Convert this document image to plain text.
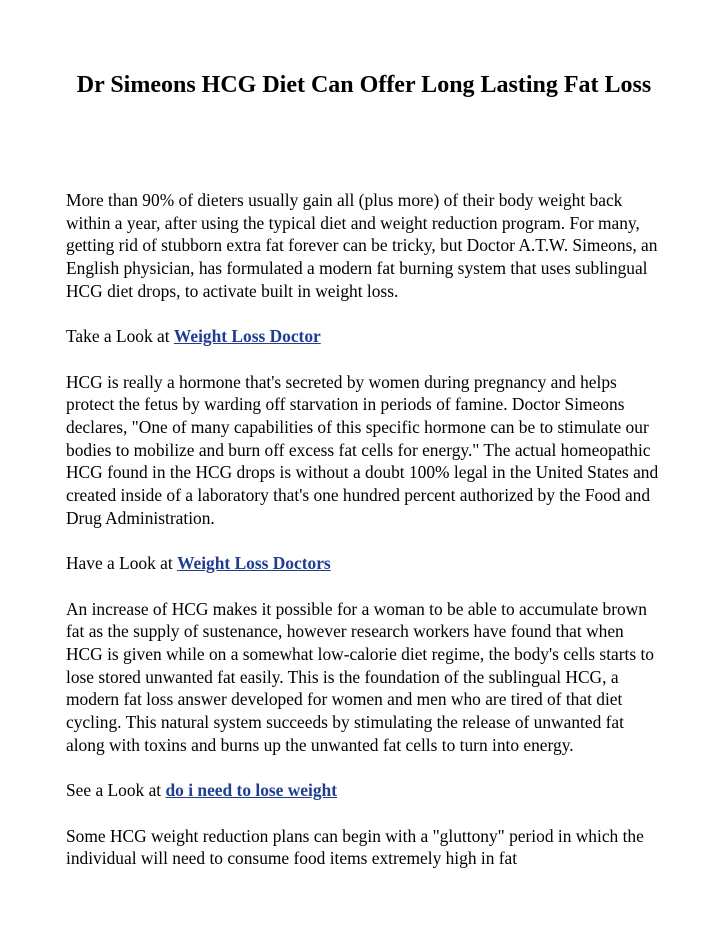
Dr Simeons HCG Diet Can Offer Long Lasting Fat Loss

More than 90% of dieters usually gain all (plus more) of their body weight back within a year, after using the typical diet and weight reduction program. For many, getting rid of stubborn extra fat forever can be tricky, but Doctor A.T.W. Simeons, an English physician, has formulated a modern fat burning system that uses sublingual HCG diet drops, to activate built in weight loss.

Take a Look at Weight Loss Doctor

HCG is really a hormone that's secreted by women during pregnancy and helps protect the fetus by warding off starvation in periods of famine. Doctor Simeons declares, "One of many capabilities of this specific hormone can be to stimulate our bodies to mobilize and burn off excess fat cells for energy." The actual homeopathic HCG found in the HCG drops is without a doubt 100% legal in the United States and created inside of a laboratory that's one hundred percent authorized by the Food and Drug Administration.

Have a Look at Weight Loss Doctors

An increase of HCG makes it possible for a woman to be able to accumulate brown fat as the supply of sustenance, however research workers have found that when HCG is given while on a somewhat low-calorie diet regime, the body's cells starts to lose stored unwanted fat easily. This is the foundation of the sublingual HCG, a modern fat loss answer developed for women and men who are tired of that diet cycling. This natural system succeeds by stimulating the release of unwanted fat along with toxins and burns up the unwanted fat cells to turn into energy.

See a Look at do i need to lose weight

Some HCG weight reduction plans can begin with a "gluttony" period in which the individual will need to consume food items extremely high in fat
